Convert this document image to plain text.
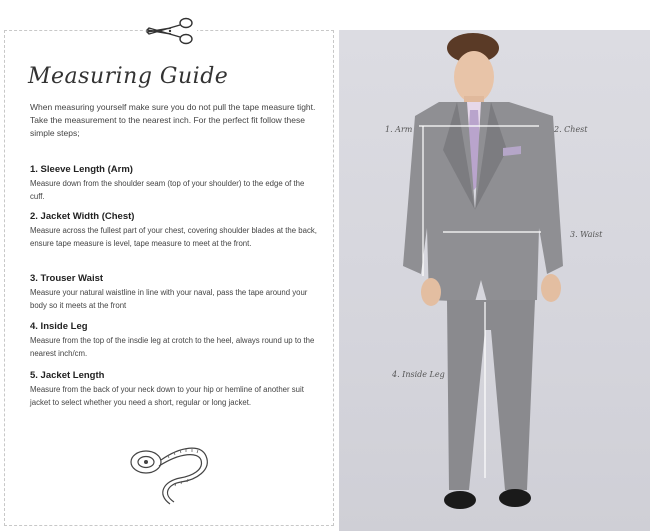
Measuring Guide
When measuring yourself make sure you do not pull the tape measure tight. Take the measurement to the nearest inch. For the perfect fit follow these simple steps;
1. Sleeve Length (Arm)

Measure down from the shoulder seam (top of your shoulder) to the edge of the cuff.

2. Jacket Width (Chest)

Measure across the fullest part of your chest, covering shoulder blades at the back, ensure tape measure is level, tape measure to meet at the front.

3. Trouser Waist

Measure your natural waistline in line with your naval, pass the tape around your body so it meets at the front

4. Inside Leg

Measure from the top of the insdie leg at crotch to the heel, always round up to the nearest inch/cm.

5. Jacket Length

Measure from the back of your neck down to your hip or hemline of another suit jacket to select whether you need a short, regular or long jacket.

1. Arm	2. Chest
3. Waist
4. Inside Leg
